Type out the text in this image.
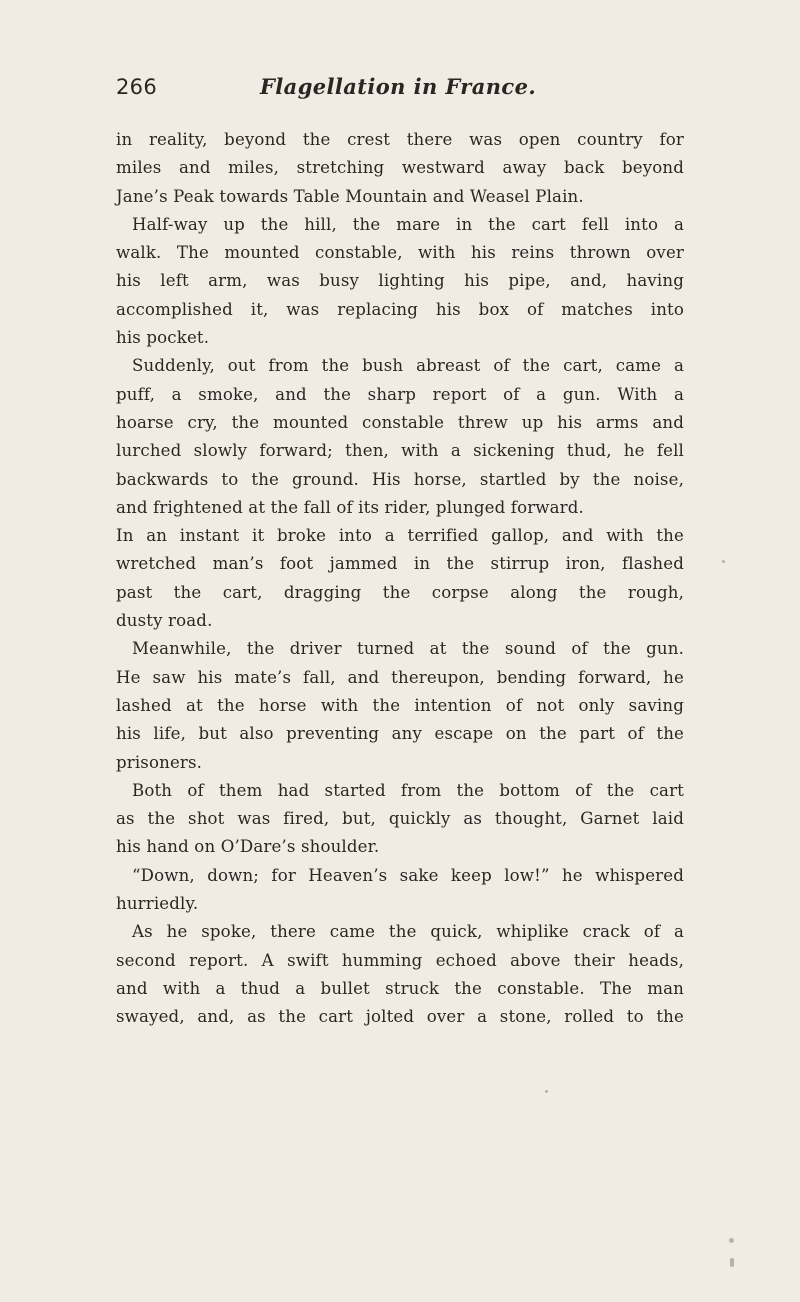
266	Flagellation in France.
in reality, beyond the crest there was open country for
miles and miles, stretching westward away back beyond
Jane’s Peak towards Table Mountain and Weasel Plain.
Half-way up the hill, the mare in the cart fell into a
walk. The mounted constable, with his reins thrown over
his left arm, was busy lighting his pipe, and, having
accomplished it, was replacing his box of matches into
his pocket.
Suddenly, out from the bush abreast of the cart, came a
puff, a smoke, and the sharp report of a gun. With a
hoarse cry, the mounted constable threw up his arms and
lurched slowly forward; then, with a sickening thud, he fell
backwards to the ground. His horse, startled by the noise,
and frightened at the fall of its rider, plunged forward.
In an instant it broke into a terrified gallop, and with the
wretched man’s foot jammed in the stirrup iron, flashed
past the cart, dragging the corpse along the rough,
dusty road.
Meanwhile, the driver turned at the sound of the gun.
He saw his mate’s fall, and thereupon, bending forward, he
lashed at the horse with the intention of not only saving
his life, but also preventing any escape on the part of the
prisoners.
Both of them had started from the bottom of the cart
as the shot was fired, but, quickly as thought, Garnet laid
his hand on O’Dare’s shoulder.
“Down, down; for Heaven’s sake keep low!” he whispered
hurriedly.
As he spoke, there came the quick, whiplike crack of a
second report. A swift humming echoed above their heads,
and with a thud a bullet struck the constable. The man
swayed, and, as the cart jolted over a stone, rolled to the
